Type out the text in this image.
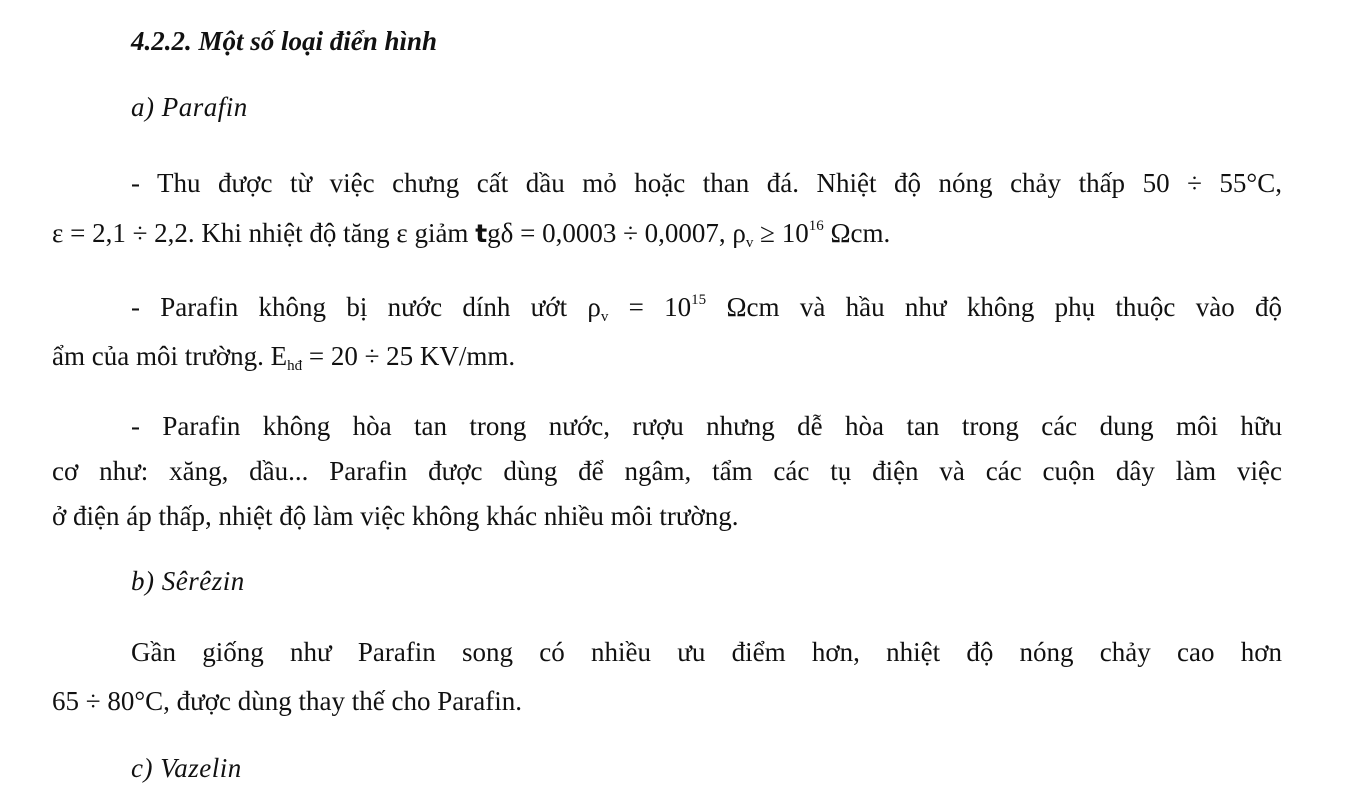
4.2.2. Một số loại điển hình
a) Parafin
- Thu được từ việc chưng cất dầu mỏ hoặc than đá. Nhiệt độ nóng chảy thấp 50 ÷ 55°C,
ε = 2,1 ÷ 2,2. Khi nhiệt độ tăng ε giảm tgδ = 0,0003 ÷ 0,0007, $\rho_v \ge 10^{16}$ Ωcm.
- Parafin không bị nước dính ướt $\rho_v = 10^{15}$ Ωcm và hầu như không phụ thuộc vào độ
ẩm của môi trường. $E_{hđ} = 20 \div 25$ KV/mm.
- Parafin không hòa tan trong nước, rượu nhưng dễ hòa tan trong các dung môi hữu
cơ như: xăng, dầu... Parafin được dùng để ngâm, tẩm các tụ điện và các cuộn dây làm việc
ở điện áp thấp, nhiệt độ làm việc không khác nhiều môi trường.
b) Sêrêzin
Gần giống như Parafin song có nhiều ưu điểm hơn, nhiệt độ nóng chảy cao hơn
65 ÷ 80°C, được dùng thay thế cho Parafin.
c) Vazelin
